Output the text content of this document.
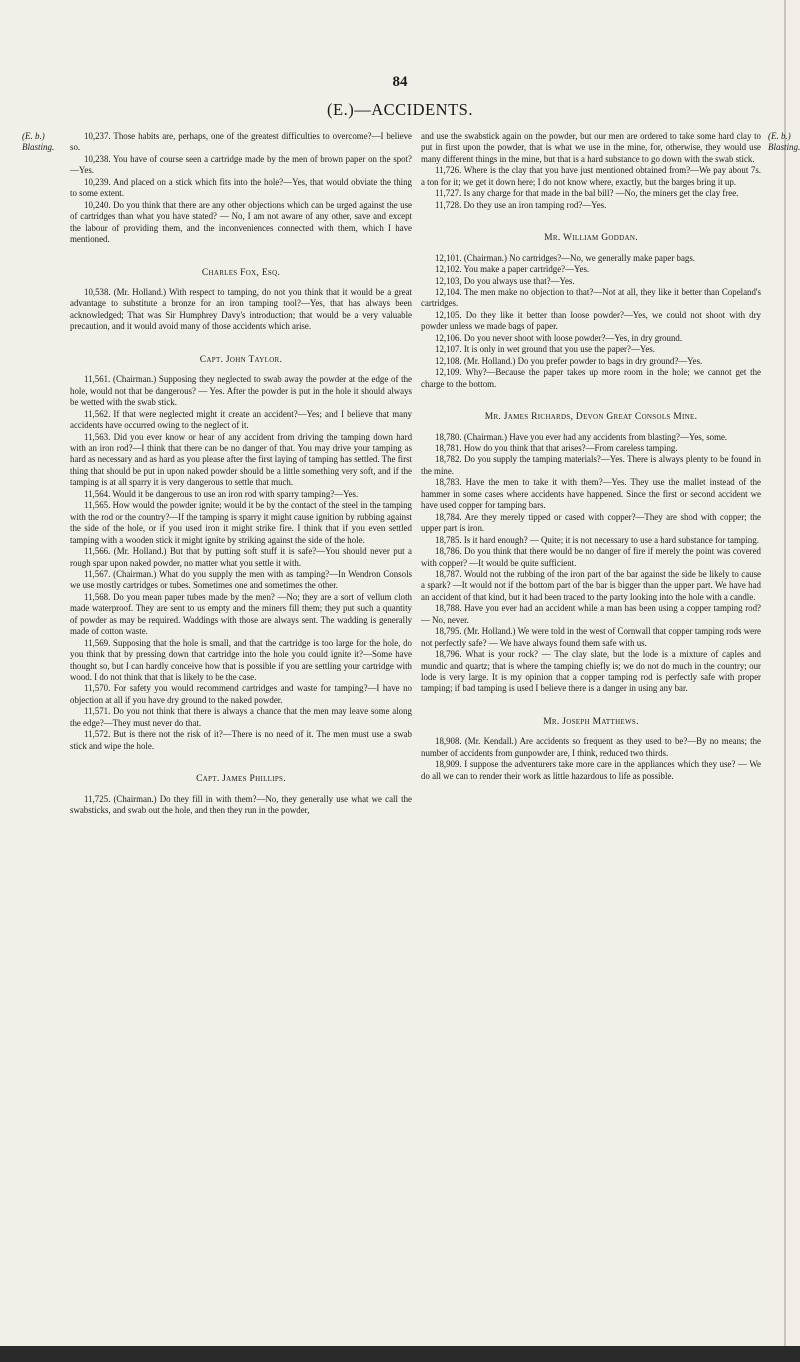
84
(E.)—ACCIDENTS.
(E. b.) Blasting.
(E. b.) Blasting.

10,237. Those habits are, perhaps, one of the greatest difficulties to overcome?—I believe so.

10,238. You have of course seen a cartridge made by the men of brown paper on the spot?—Yes.

10,239. And placed on a stick which fits into the hole?—Yes, that would obviate the thing to some extent.

10,240. Do you think that there are any other objections which can be urged against the use of cartridges than what you have stated? — No, I am not aware of any other, save and except the labour of providing them, and the inconveniences connected with them, which I have mentioned.

Charles Fox, Esq.

10,538. (Mr. Holland.) With respect to tamping, do not you think that it would be a great advantage to substitute a bronze for an iron tamping tool?—Yes, that has always been acknowledged; That was Sir Humphrey Davy's introduction; that would be a very valuable precaution, and it would avoid many of those accidents which arise.

Capt. John Taylor.

11,561. (Chairman.) Supposing they neglected to swab away the powder at the edge of the hole, would not that be dangerous? — Yes. After the powder is put in the hole it should always be wetted with the swab stick.

11,562. If that were neglected might it create an accident?—Yes; and I believe that many accidents have occurred owing to the neglect of it.

11,563. Did you ever know or hear of any accident from driving the tamping down hard with an iron rod?—I think that there can be no danger of that. You may drive your tamping as hard as necessary and as hard as you please after the first laying of tamping has settled. The first thing that should be put in upon naked powder should be a little something very soft, and if the tamping is at all sparry it is very dangerous to settle that much.

11,564. Would it be dangerous to use an iron rod with sparry tamping?—Yes.

11,565. How would the powder ignite; would it be by the contact of the steel in the tamping with the rod or the country?—If the tamping is sparry it might cause ignition by rubbing against the side of the hole, or if you used iron it might strike fire. I think that if you even settled tamping with a wooden stick it might ignite by striking against the side of the hole.

11,566. (Mr. Holland.) But that by putting soft stuff it is safe?—You should never put a rough spar upon naked powder, no matter what you settle it with.

11,567. (Chairman.) What do you supply the men with as tamping?—In Wendron Consols we use mostly cartridges or tubes. Sometimes one and sometimes the other.

11,568. Do you mean paper tubes made by the men? —No; they are a sort of vellum cloth made waterproof. They are sent to us empty and the miners fill them; they put such a quantity of powder as may be required. Waddings with those are always sent. The wadding is generally made of cotton waste.

11,569. Supposing that the hole is small, and that the cartridge is too large for the hole, do you think that by pressing down that cartridge into the hole you could ignite it?—Some have thought so, but I can hardly conceive how that is possible if you are settling your cartridge with wood. I do not think that that is likely to be the case.

11,570. For safety you would recommend cartridges and waste for tamping?—I have no objection at all if you have dry ground to the naked powder.

11,571. Do you not think that there is always a chance that the men may leave some along the edge?—They must never do that.

11,572. But is there not the risk of it?—There is no need of it. The men must use a swab stick and wipe the hole.

Capt. James Phillips.

11,725. (Chairman.) Do they fill in with them?—No, they generally use what we call the swabsticks, and swab out the hole, and then they run in the powder,

and use the swabstick again on the powder, but our men are ordered to take some hard clay to put in first upon the powder, that is what we use in the mine, for, otherwise, they would use many different things in the mine, but that is a hard substance to go down with the swab stick.

11,726. Where is the clay that you have just mentioned obtained from?—We pay about 7s. a ton for it; we get it down here; I do not know where, exactly, but the barges bring it up.

11,727. Is any charge for that made in the bal bill? —No, the miners get the clay free.

11,728. Do they use an iron tamping rod?—Yes.

Mr. William Goddan.

12,101. (Chairman.) No cartridges?—No, we generally make paper bags.

12,102. You make a paper cartridge?—Yes.

12,103, Do you always use that?—Yes.

12,104. The men make no objection to that?—Not at all, they like it better than Copeland's cartridges.

12,105. Do they like it better than loose powder?—Yes, we could not shoot with dry powder unless we made bags of paper.

12,106. Do you never shoot with loose powder?—Yes, in dry ground.

12,107. It is only in wet ground that you use the paper?—Yes.

12,108. (Mr. Holland.) Do you prefer powder to bags in dry ground?—Yes.

12,109. Why?—Because the paper takes up more room in the hole; we cannot get the charge to the bottom.

Mr. James Richards, Devon Great Consols Mine.

18,780. (Chairman.) Have you ever had any accidents from blasting?—Yes, some.

18,781. How do you think that that arises?—From careless tamping.

18,782. Do you supply the tamping materials?—Yes. There is always plenty to be found in the mine.

18,783. Have the men to take it with them?—Yes. They use the mallet instead of the hammer in some cases where accidents have happened. Since the first or second accident we have used copper for tamping bars.

18,784. Are they merely tipped or cased with copper?—They are shod with copper; the upper part is iron.

18,785. Is it hard enough? — Quite; it is not necessary to use a hard substance for tamping.

18,786. Do you think that there would be no danger of fire if merely the point was covered with copper? —It would be quite sufficient.

18,787. Would not the rubbing of the iron part of the bar against the side be likely to cause a spark? —It would not if the bottom part of the bar is bigger than the upper part. We have had an accident of that kind, but it had been traced to the party looking into the hole with a candle.

18,788. Have you ever had an accident while a man has been using a copper tamping rod? — No, never.

18,795. (Mr. Holland.) We were told in the west of Cornwall that copper tamping rods were not perfectly safe? — We have always found them safe with us.

18,796. What is your rock? — The clay slate, but the lode is a mixture of caples and mundic and quartz; that is where the tamping chiefly is; we do not do much in the country; our lode is very large. It is my opinion that a copper tamping rod is perfectly safe with proper tamping; if bad tamping is used I believe there is a danger in using any bar.

Mr. Joseph Matthews.

18,908. (Mr. Kendall.) Are accidents so frequent as they used to be?—By no means; the number of accidents from gunpowder are, I think, reduced two thirds.

18,909. I suppose the adventurers take more care in the appliances which they use? — We do all we can to render their work as little hazardous to life as possible.
